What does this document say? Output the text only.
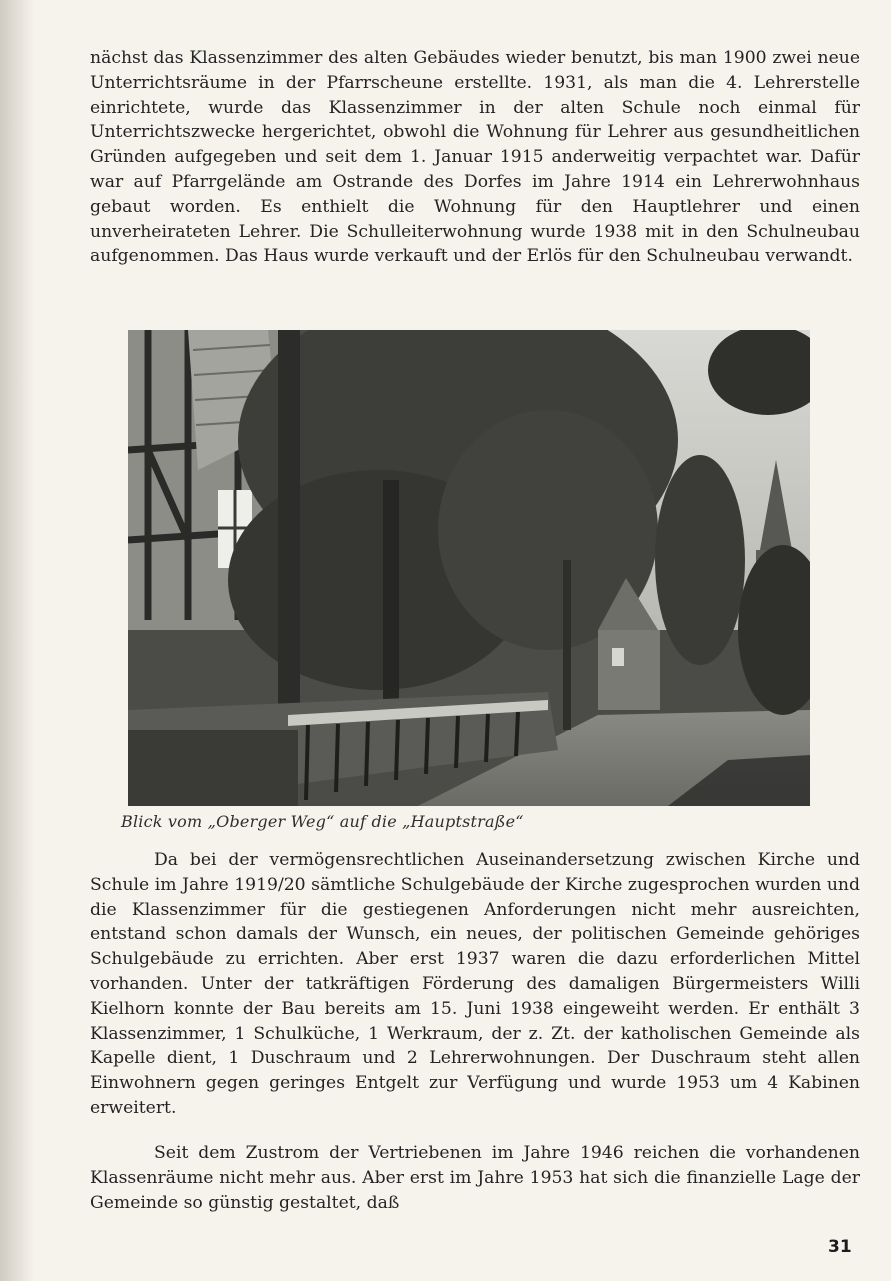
nächst das Klassenzimmer des alten Gebäudes wieder benutzt, bis man 1900 zwei neue Unterrichtsräume in der Pfarrscheune erstellte. 1931, als man die 4. Lehrerstelle einrichtete, wurde das Klassenzimmer in der alten Schule noch einmal für Unterrichtszwecke hergerichtet, obwohl die Wohnung für Lehrer aus gesundheitlichen Gründen aufgegeben und seit dem 1. Januar 1915 anderweitig verpachtet war. Dafür war auf Pfarrgelände am Ostrande des Dorfes im Jahre 1914 ein Lehrerwohnhaus gebaut worden. Es enthielt die Wohnung für den Hauptlehrer und einen unverheirateten Lehrer. Die Schulleiterwohnung wurde 1938 mit in den Schulneubau aufgenommen. Das Haus wurde verkauft und der Erlös für den Schulneubau verwandt.

Blick vom „Oberger Weg“ auf die „Hauptstraße“

Da bei der vermögensrechtlichen Auseinandersetzung zwischen Kirche und Schule im Jahre 1919/20 sämtliche Schulgebäude der Kirche zugesprochen wurden und die Klassenzimmer für die gestiegenen Anforderungen nicht mehr ausreichten, entstand schon damals der Wunsch, ein neues, der politischen Gemeinde gehöriges Schulgebäude zu errichten. Aber erst 1937 waren die dazu erforderlichen Mittel vorhanden. Unter der tatkräftigen Förderung des damaligen Bürgermeisters Willi Kielhorn konnte der Bau bereits am 15. Juni 1938 eingeweiht werden. Er enthält 3 Klassenzimmer, 1 Schulküche, 1 Werkraum, der z. Zt. der katholischen Gemeinde als Kapelle dient, 1 Duschraum und 2 Lehrerwohnungen. Der Duschraum steht allen Einwohnern gegen geringes Entgelt zur Verfügung und wurde 1953 um 4 Kabinen erweitert.

Seit dem Zustrom der Vertriebenen im Jahre 1946 reichen die vorhandenen Klassenräume nicht mehr aus. Aber erst im Jahre 1953 hat sich die finanzielle Lage der Gemeinde so günstig gestaltet, daß

31
